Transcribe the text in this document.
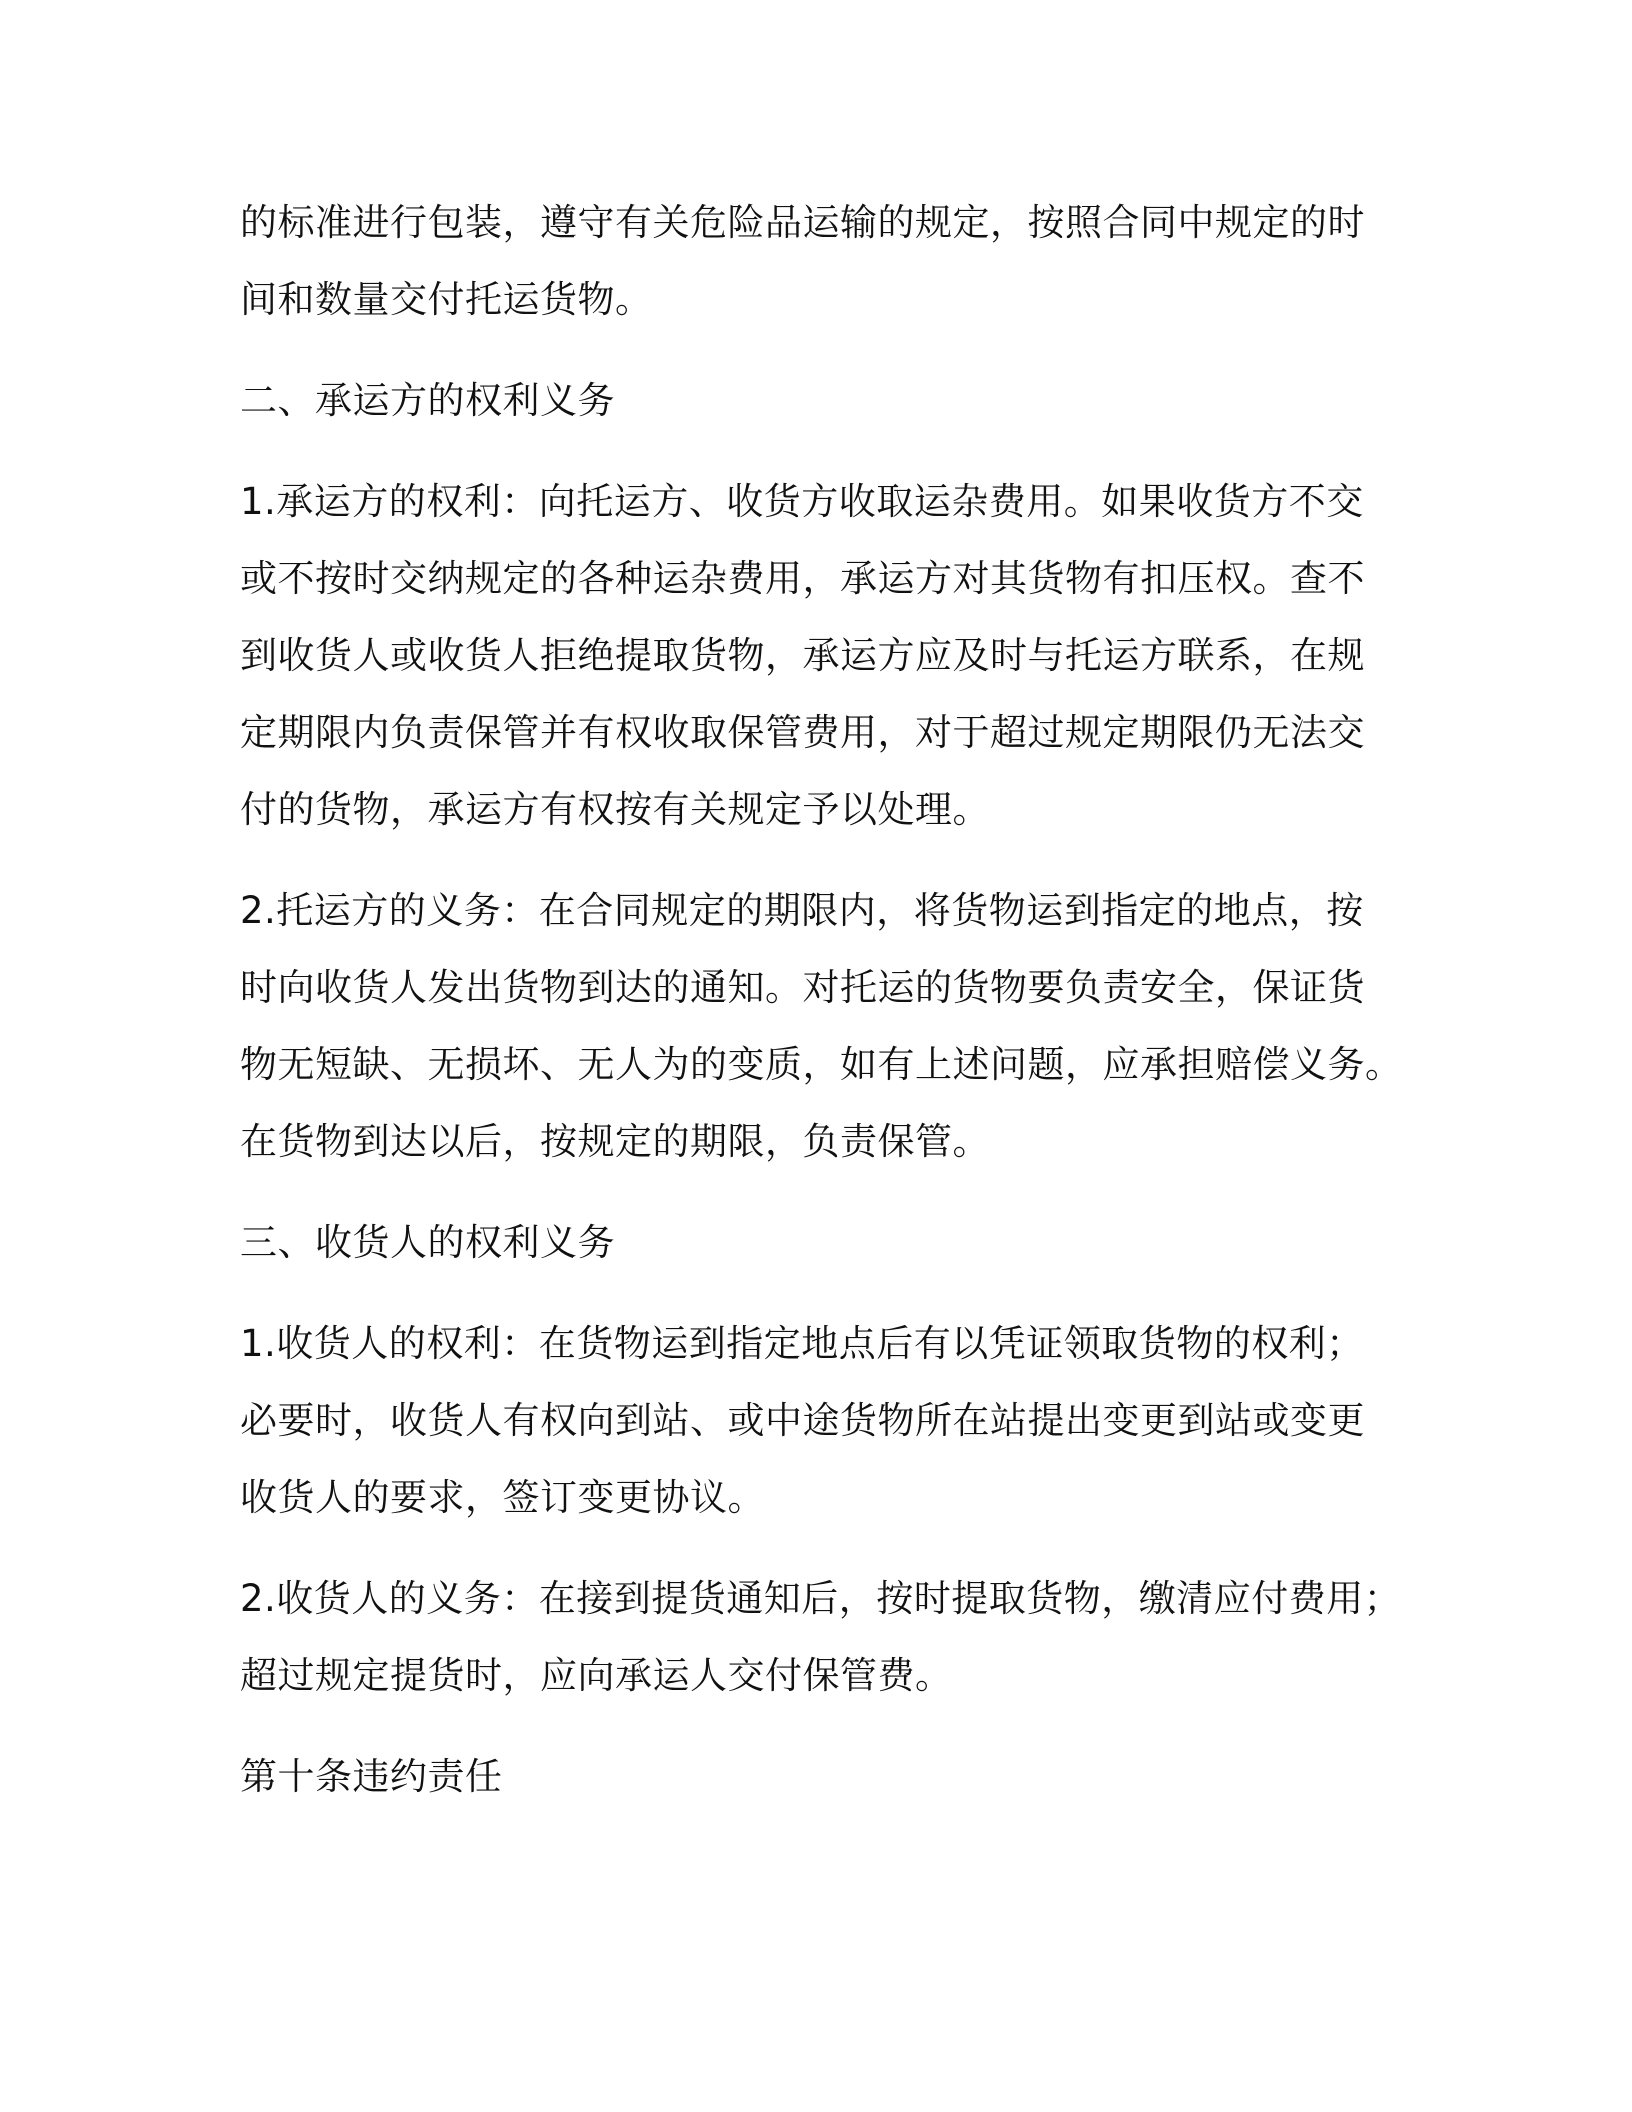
的标准进行包装，遵守有关危险品运输的规定，按照合同中规定的时
间和数量交付托运货物。

二、承运方的权利义务

1.承运方的权利：向托运方、收货方收取运杂费用。如果收货方不交
或不按时交纳规定的各种运杂费用，承运方对其货物有扣压权。查不
到收货人或收货人拒绝提取货物，承运方应及时与托运方联系，在规
定期限内负责保管并有权收取保管费用，对于超过规定期限仍无法交
付的货物，承运方有权按有关规定予以处理。

2.托运方的义务：在合同规定的期限内，将货物运到指定的地点，按
时向收货人发出货物到达的通知。对托运的货物要负责安全，保证货
物无短缺、无损坏、无人为的变质，如有上述问题，应承担赔偿义务。
在货物到达以后，按规定的期限，负责保管。

三、收货人的权利义务

1.收货人的权利：在货物运到指定地点后有以凭证领取货物的权利；
必要时，收货人有权向到站、或中途货物所在站提出变更到站或变更
收货人的要求，签订变更协议。

2.收货人的义务：在接到提货通知后，按时提取货物，缴清应付费用；
超过规定提货时，应向承运人交付保管费。

第十条违约责任
